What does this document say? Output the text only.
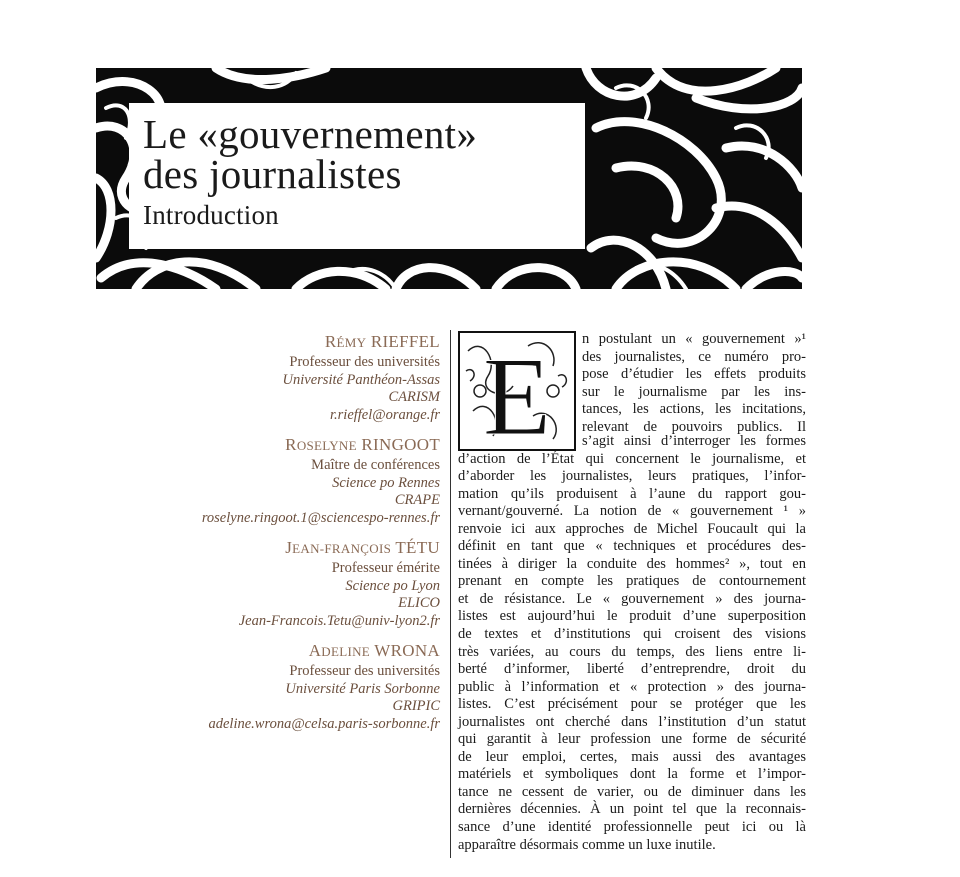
Le «gouvernement»
des journalistes
Introduction
RÉMY RIEFFEL
Professeur des universités
Université Panthéon-Assas
CARISM
r.rieffel@orange.fr
ROSELYNE RINGOOT
Maître de conférences
Science po Rennes
CRAPE
roselyne.ringoot.1@sciencespo-rennes.fr
JEAN-FRANÇOIS TÉTU
Professeur émérite
Science po Lyon
ELICO
Jean-Francois.Tetu@univ-lyon2.fr
ADELINE WRONA
Professeur des universités
Université Paris Sorbonne
GRIPIC
adeline.wrona@celsa.paris-sorbonne.fr
E n postulant un « gouvernement »¹
des journalistes, ce numéro pro-
pose d’étudier les effets produits
sur le journalisme par les ins-
tances, les actions, les incitations,
relevant de pouvoirs publics. Il
s’agit ainsi d’interroger les formes
d’action de l’État qui concernent le journalisme, et
d’aborder les journalistes, leurs pratiques, l’infor-
mation qu’ils produisent à l’aune du rapport gou-
vernant/gouverné. La notion de « gouvernement ¹ »
renvoie ici aux approches de Michel Foucault qui la
définit en tant que « techniques et procédures des-
tinées à diriger la conduite des hommes² », tout en
prenant en compte les pratiques de contournement
et de résistance. Le « gouvernement » des journa-
listes est aujourd’hui le produit d’une superposition
de textes et d’institutions qui croisent des visions
très variées, au cours du temps, des liens entre li-
berté d’informer, liberté d’entreprendre, droit du
public à l’information et « protection » des journa-
listes. C’est précisément pour se protéger que les
journalistes ont cherché dans l’institution d’un statut
qui garantit à leur profession une forme de sécurité
de leur emploi, certes, mais aussi des avantages
matériels et symboliques dont la forme et l’impor-
tance ne cessent de varier, ou de diminuer dans les
dernières décennies. À un point tel que la reconnais-
sance d’une identité professionnelle peut ici ou là
apparaître désormais comme un luxe inutile.
